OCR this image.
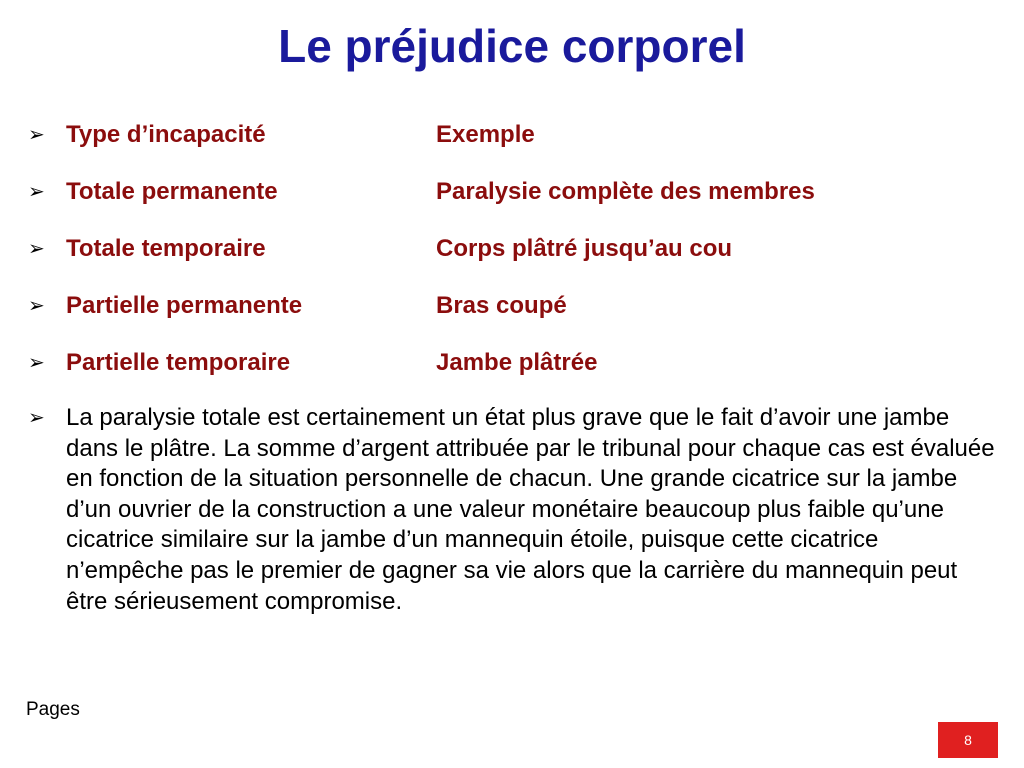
Le préjudice corporel
➢ Type d’incapacité	Exemple
➢ Totale permanente	Paralysie complète des membres
➢ Totale temporaire	Corps plâtré jusqu’au cou
➢ Partielle permanente	Bras coupé
➢ Partielle temporaire	Jambe plâtrée
➢ La paralysie totale est certainement un état plus grave que le fait d’avoir une jambe dans le plâtre. La somme d’argent attribuée par le tribunal pour chaque cas est évaluée en fonction de la situation personnelle de chacun. Une grande cicatrice sur la jambe d’un ouvrier de la construction a une valeur monétaire beaucoup plus faible qu’une cicatrice similaire sur la jambe d’un mannequin étoile, puisque cette cicatrice n’empêche pas le premier de gagner sa vie alors que la carrière du mannequin peut être sérieusement compromise.

Pages
8
